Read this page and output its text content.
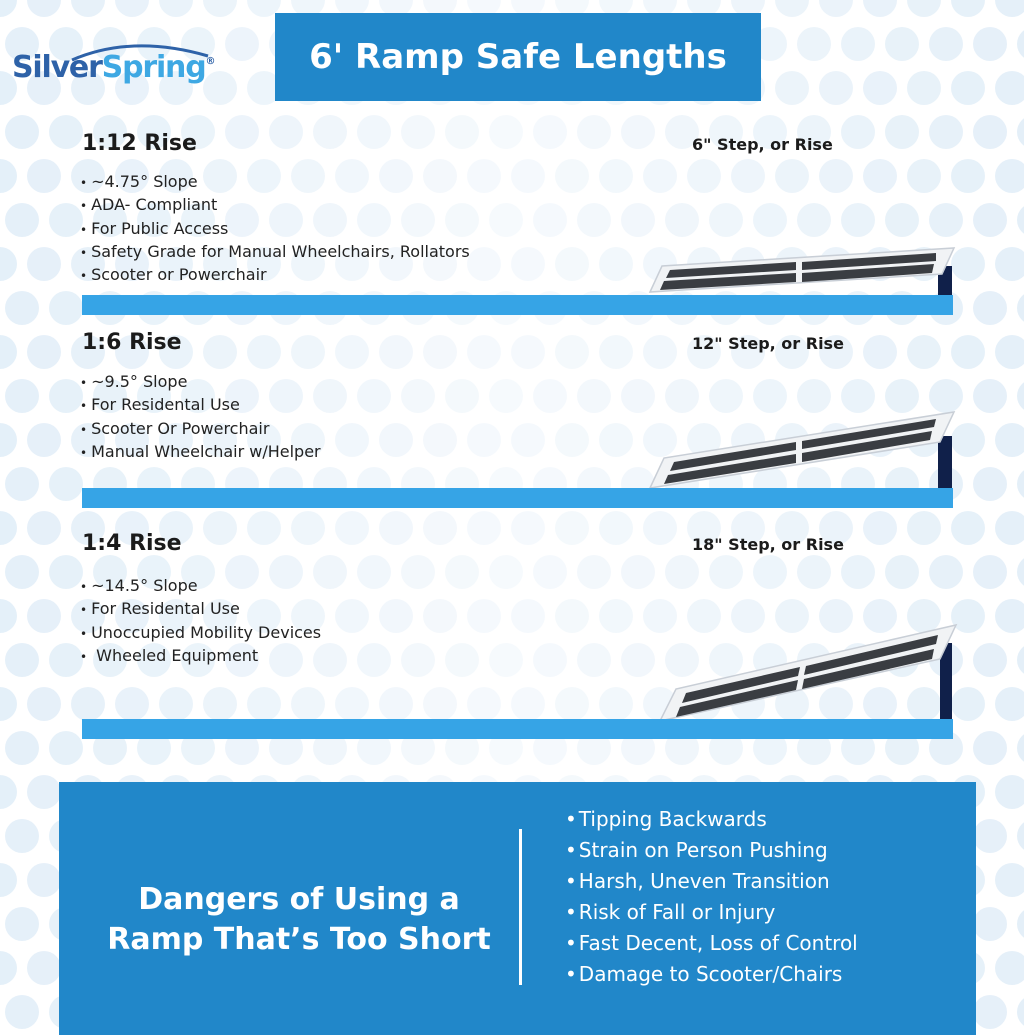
SilverSpring®	6' Ramp Safe Lengths
1:12 Rise	6" Step, or Rise
• ~4.75° Slope
• ADA- Compliant
• For Public Access
• Safety Grade for Manual Wheelchairs, Rollators
• Scooter or Powerchair
1:6 Rise	12" Step, or Rise
• ~9.5° Slope
• For Residental Use
• Scooter Or Powerchair
• Manual Wheelchair w/Helper
1:4 Rise	18" Step, or Rise
• ~14.5° Slope
• For Residental Use
• Unoccupied Mobility Devices
• Wheeled Equipment
Dangers of Using a
Ramp That’s Too Short
• Tipping Backwards
• Strain on Person Pushing
• Harsh, Uneven Transition
• Risk of Fall or Injury
• Fast Decent, Loss of Control
• Damage to Scooter/Chairs
